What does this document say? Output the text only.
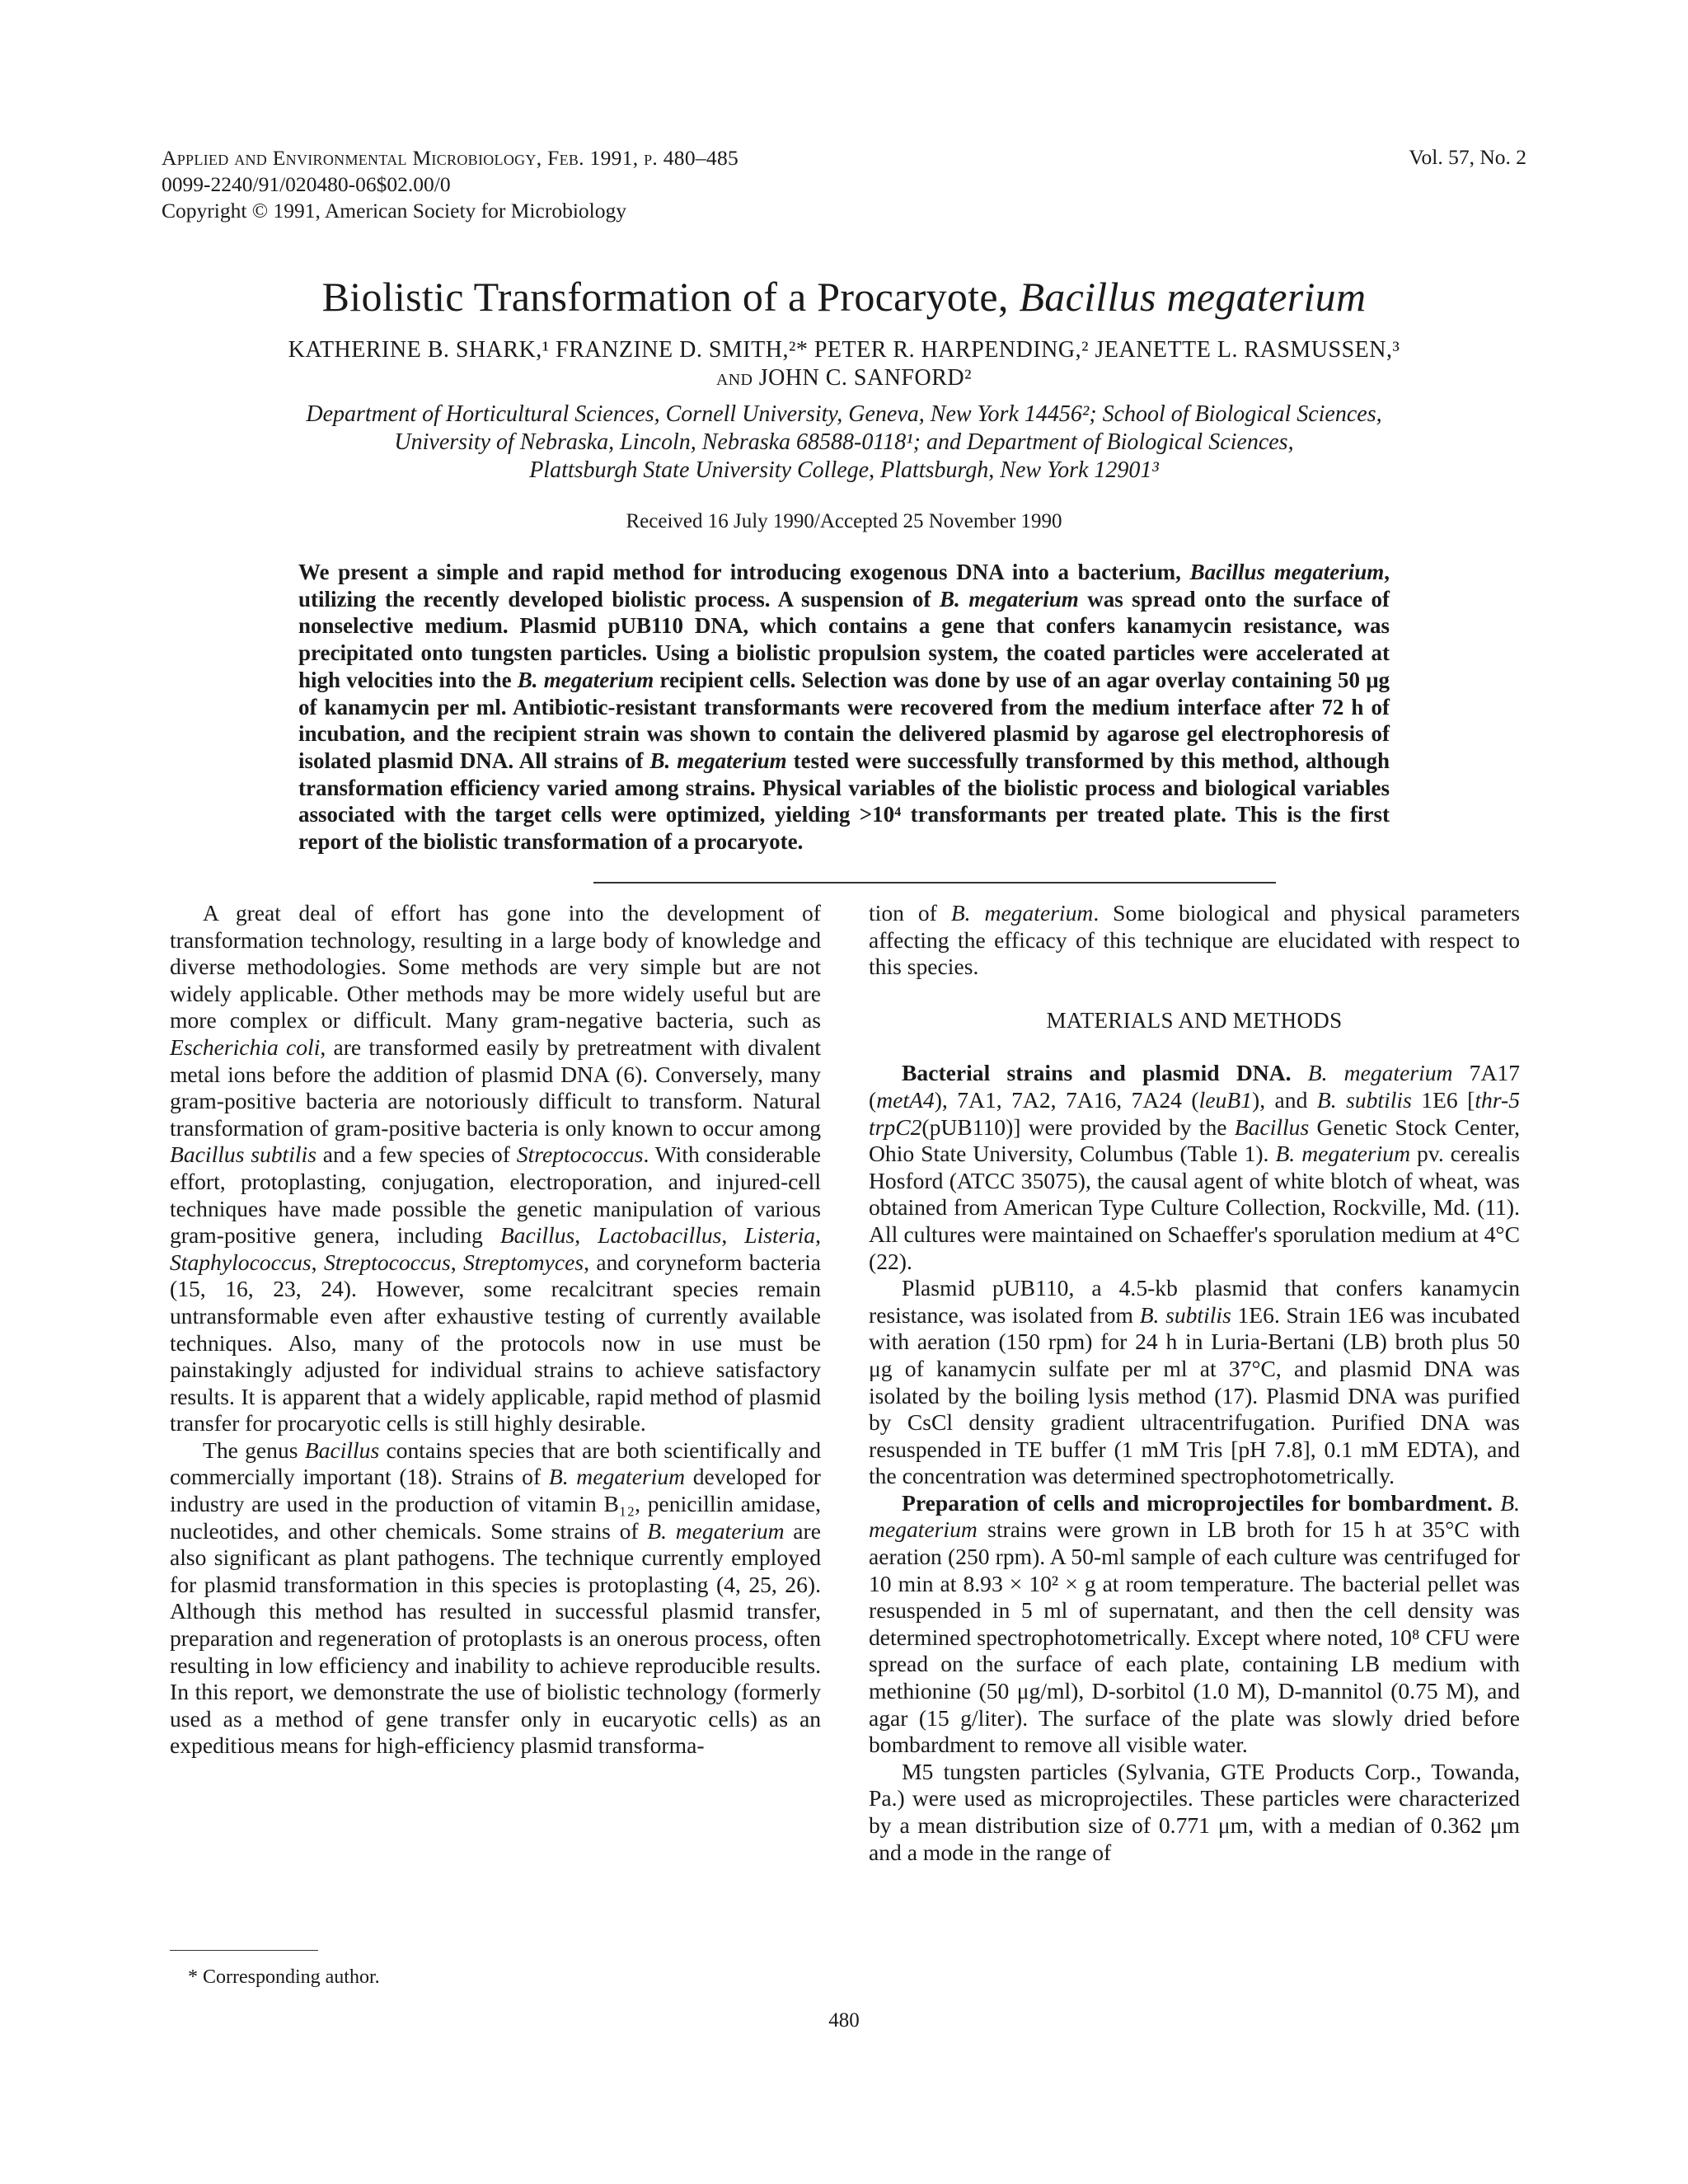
Applied and Environmental Microbiology, Feb. 1991, p. 480–485
0099-2240/91/020480-06$02.00/0
Copyright © 1991, American Society for Microbiology
Vol. 57, No. 2
Biolistic Transformation of a Procaryote, Bacillus megaterium
KATHERINE B. SHARK,¹ FRANZINE D. SMITH,²* PETER R. HARPENDING,² JEANETTE L. RASMUSSEN,³
and JOHN C. SANFORD²
Department of Horticultural Sciences, Cornell University, Geneva, New York 14456²; School of Biological Sciences,
University of Nebraska, Lincoln, Nebraska 68588-0118¹; and Department of Biological Sciences,
Plattsburgh State University College, Plattsburgh, New York 12901³
Received 16 July 1990/Accepted 25 November 1990
We present a simple and rapid method for introducing exogenous DNA into a bacterium, Bacillus megaterium, utilizing the recently developed biolistic process. A suspension of B. megaterium was spread onto the surface of nonselective medium. Plasmid pUB110 DNA, which contains a gene that confers kanamycin resistance, was precipitated onto tungsten particles. Using a biolistic propulsion system, the coated particles were accelerated at high velocities into the B. megaterium recipient cells. Selection was done by use of an agar overlay containing 50 μg of kanamycin per ml. Antibiotic-resistant transformants were recovered from the medium interface after 72 h of incubation, and the recipient strain was shown to contain the delivered plasmid by agarose gel electrophoresis of isolated plasmid DNA. All strains of B. megaterium tested were successfully transformed by this method, although transformation efficiency varied among strains. Physical variables of the biolistic process and biological variables associated with the target cells were optimized, yielding >10⁴ transformants per treated plate. This is the first report of the biolistic transformation of a procaryote.

A great deal of effort has gone into the development of transformation technology, resulting in a large body of knowledge and diverse methodologies. Some methods are very simple but are not widely applicable. Other methods may be more widely useful but are more complex or difficult. Many gram-negative bacteria, such as Escherichia coli, are transformed easily by pretreatment with divalent metal ions before the addition of plasmid DNA (6). Conversely, many gram-positive bacteria are notoriously difficult to transform. Natural transformation of gram-positive bacteria is only known to occur among Bacillus subtilis and a few species of Streptococcus. With considerable effort, protoplasting, conjugation, electroporation, and injured-cell techniques have made possible the genetic manipulation of various gram-positive genera, including Bacillus, Lactobacillus, Listeria, Staphylococcus, Streptococcus, Streptomyces, and coryneform bacteria (15, 16, 23, 24). However, some recalcitrant species remain untransformable even after exhaustive testing of currently available techniques. Also, many of the protocols now in use must be painstakingly adjusted for individual strains to achieve satisfactory results. It is apparent that a widely applicable, rapid method of plasmid transfer for procaryotic cells is still highly desirable.

The genus Bacillus contains species that are both scientifically and commercially important (18). Strains of B. megaterium developed for industry are used in the production of vitamin B₁₂, penicillin amidase, nucleotides, and other chemicals. Some strains of B. megaterium are also significant as plant pathogens. The technique currently employed for plasmid transformation in this species is protoplasting (4, 25, 26). Although this method has resulted in successful plasmid transfer, preparation and regeneration of protoplasts is an onerous process, often resulting in low efficiency and inability to achieve reproducible results. In this report, we demonstrate the use of biolistic technology (formerly used as a method of gene transfer only in eucaryotic cells) as an expeditious means for high-efficiency plasmid transforma-

tion of B. megaterium. Some biological and physical parameters affecting the efficacy of this technique are elucidated with respect to this species.

MATERIALS AND METHODS

Bacterial strains and plasmid DNA. B. megaterium 7A17 (metA4), 7A1, 7A2, 7A16, 7A24 (leuB1), and B. subtilis 1E6 [thr-5 trpC2(pUB110)] were provided by the Bacillus Genetic Stock Center, Ohio State University, Columbus (Table 1). B. megaterium pv. cerealis Hosford (ATCC 35075), the causal agent of white blotch of wheat, was obtained from American Type Culture Collection, Rockville, Md. (11). All cultures were maintained on Schaeffer's sporulation medium at 4°C (22).

Plasmid pUB110, a 4.5-kb plasmid that confers kanamycin resistance, was isolated from B. subtilis 1E6. Strain 1E6 was incubated with aeration (150 rpm) for 24 h in Luria-Bertani (LB) broth plus 50 μg of kanamycin sulfate per ml at 37°C, and plasmid DNA was isolated by the boiling lysis method (17). Plasmid DNA was purified by CsCl density gradient ultracentrifugation. Purified DNA was resuspended in TE buffer (1 mM Tris [pH 7.8], 0.1 mM EDTA), and the concentration was determined spectrophotometrically.

Preparation of cells and microprojectiles for bombardment. B. megaterium strains were grown in LB broth for 15 h at 35°C with aeration (250 rpm). A 50-ml sample of each culture was centrifuged for 10 min at 8.93 × 10² × g at room temperature. The bacterial pellet was resuspended in 5 ml of supernatant, and then the cell density was determined spectrophotometrically. Except where noted, 10⁸ CFU were spread on the surface of each plate, containing LB medium with methionine (50 μg/ml), D-sorbitol (1.0 M), D-mannitol (0.75 M), and agar (15 g/liter). The surface of the plate was slowly dried before bombardment to remove all visible water.

M5 tungsten particles (Sylvania, GTE Products Corp., Towanda, Pa.) were used as microprojectiles. These particles were characterized by a mean distribution size of 0.771 μm, with a median of 0.362 μm and a mode in the range of

* Corresponding author.
480
